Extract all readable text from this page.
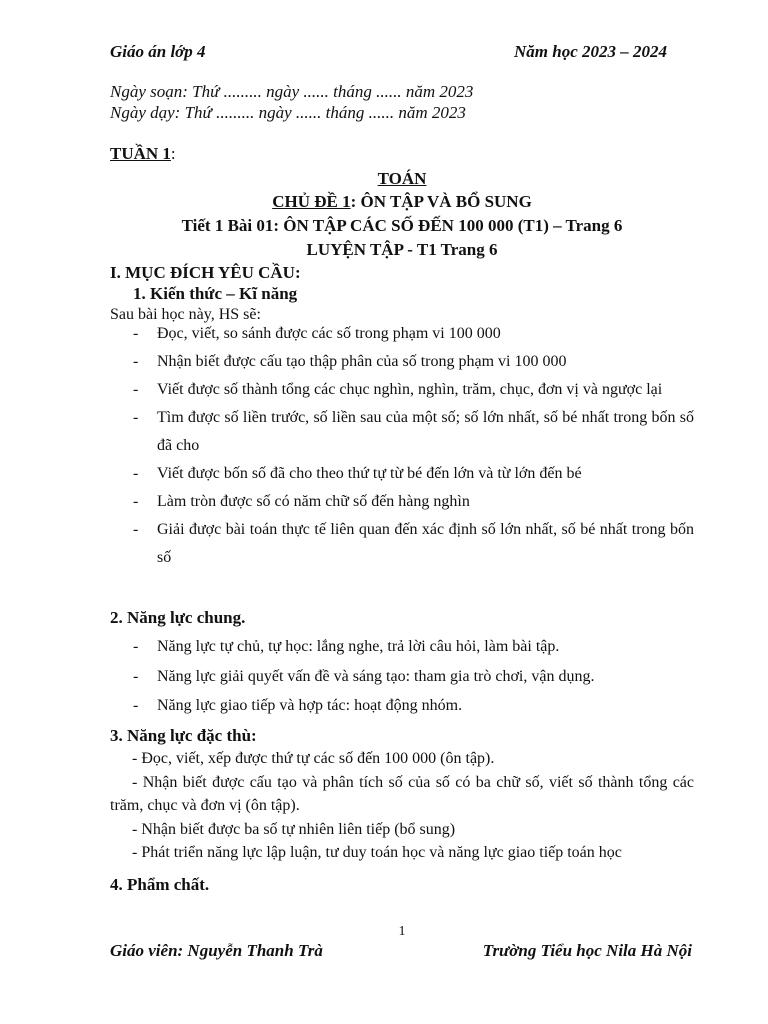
Giáo án lớp 4	Năm học 2023 – 2024
Ngày soạn: Thứ ......... ngày ...... tháng ...... năm 2023
Ngày dạy: Thứ ......... ngày ...... tháng ...... năm 2023
TUẦN 1:
TOÁN
CHỦ ĐỀ 1: ÔN TẬP VÀ BỔ SUNG
Tiết 1 Bài 01: ÔN TẬP CÁC SỐ ĐẾN 100 000 (T1) – Trang 6
LUYỆN TẬP - T1 Trang 6
I. MỤC ĐÍCH YÊU CẦU:
1. Kiến thức – Kĩ năng
Sau bài học này, HS sẽ:
- Đọc, viết, so sánh được các số trong phạm vi 100 000
- Nhận biết được cấu tạo thập phân của số trong phạm vi 100 000
- Viết được số thành tổng các chục nghìn, nghìn, trăm, chục, đơn vị và ngược lại
- Tìm được số liền trước, số liền sau của một số; số lớn nhất, số bé nhất trong bốn số đã cho
- Viết được bốn số đã cho theo thứ tự từ bé đến lớn và từ lớn đến bé
- Làm tròn được số có năm chữ số đến hàng nghìn
- Giải được bài toán thực tế liên quan đến xác định số lớn nhất, số bé nhất trong bốn số
2. Năng lực chung.
- Năng lực tự chủ, tự học: lắng nghe, trả lời câu hỏi, làm bài tập.
- Năng lực giải quyết vấn đề và sáng tạo: tham gia trò chơi, vận dụng.
- Năng lực giao tiếp và hợp tác: hoạt động nhóm.
3. Năng lực đặc thù:

- Đọc, viết, xếp được thứ tự các số đến 100 000 (ôn tập).

- Nhận biết được cấu tạo và phân tích số của số có ba chữ số, viết số thành tổng các trăm, chục và đơn vị (ôn tập).

- Nhận biết được ba số tự nhiên liên tiếp (bổ sung)

- Phát triển năng lực lập luận, tư duy toán học và năng lực giao tiếp toán học

4. Phẩm chất.
1
Giáo viên: Nguyễn Thanh Trà	Trường Tiểu học Nila Hà Nội
